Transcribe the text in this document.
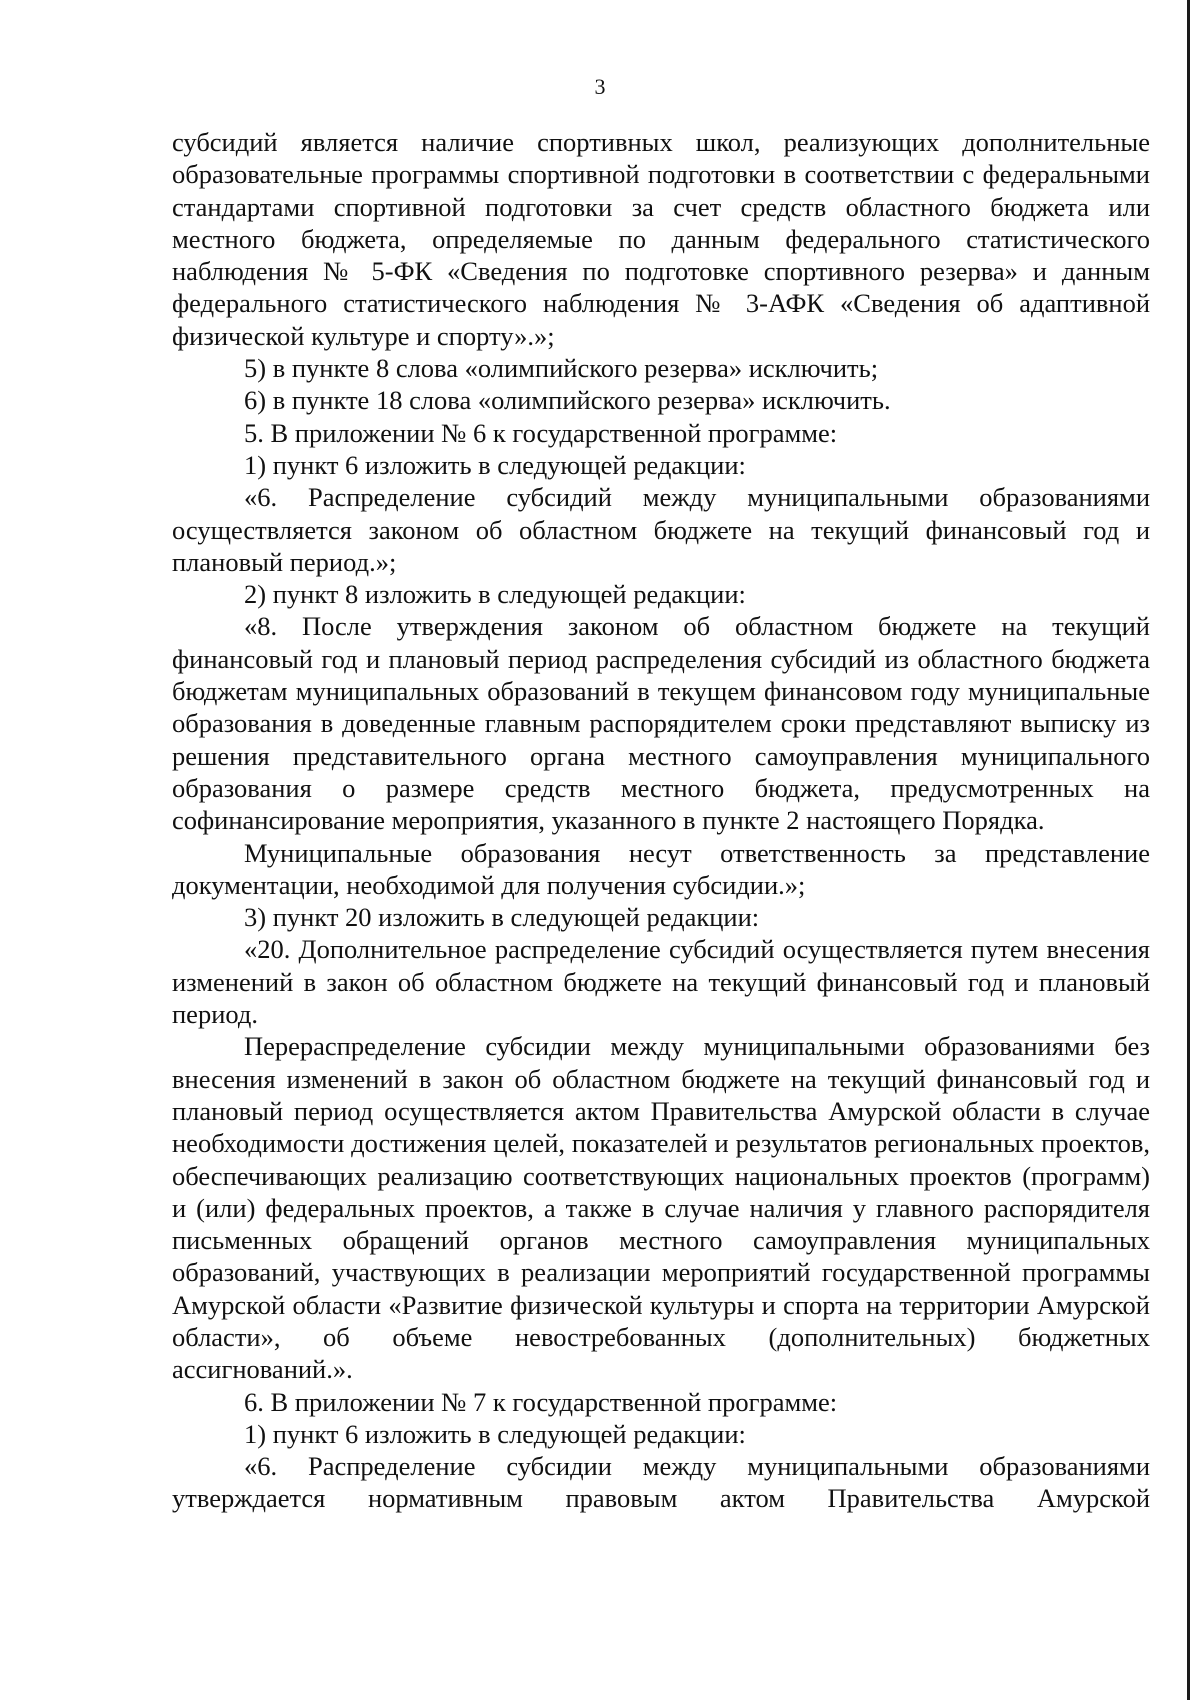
3

субсидий является наличие спортивных школ, реализующих дополнительные образовательные программы спортивной подготовки в соответствии с федеральными стандартами спортивной подготовки за счет средств областного бюджета или местного бюджета, определяемые по данным федерального статистического наблюдения № 5-ФК «Сведения по подготовке спортивного резерва» и данным федерального статистического наблюдения № 3-АФК «Сведения об адаптивной физической культуре и спорту».»;

5) в пункте 8 слова «олимпийского резерва» исключить;

6) в пункте 18 слова «олимпийского резерва» исключить.

5. В приложении № 6 к государственной программе:

1) пункт 6 изложить в следующей редакции:

«6. Распределение субсидий между муниципальными образованиями осуществляется законом об областном бюджете на текущий финансовый год и плановый период.»;

2) пункт 8 изложить в следующей редакции:

«8. После утверждения законом об областном бюджете на текущий финансовый год и плановый период распределения субсидий из областного бюджета бюджетам муниципальных образований в текущем финансовом году муниципальные образования в доведенные главным распорядителем сроки представляют выписку из решения представительного органа местного самоуправления муниципального образования о размере средств местного бюджета, предусмотренных на софинансирование мероприятия, указанного в пункте 2 настоящего Порядка.

Муниципальные образования несут ответственность за представление документации, необходимой для получения субсидии.»;

3) пункт 20 изложить в следующей редакции:

«20. Дополнительное распределение субсидий осуществляется путем внесения изменений в закон об областном бюджете на текущий финансовый год и плановый период.

Перераспределение субсидии между муниципальными образованиями без внесения изменений в закон об областном бюджете на текущий финансовый год и плановый период осуществляется актом Правительства Амурской области в случае необходимости достижения целей, показателей и результатов региональных проектов, обеспечивающих реализацию соответствующих национальных проектов (программ) и (или) федеральных проектов, а также в случае наличия у главного распорядителя письменных обращений органов местного самоуправления муниципальных образований, участвующих в реализации мероприятий государственной программы Амурской области «Развитие физической культуры и спорта на территории Амурской области», об объеме невостребованных (дополнительных) бюджетных ассигнований.».

6. В приложении № 7 к государственной программе:

1) пункт 6 изложить в следующей редакции:

«6. Распределение субсидии между муниципальными образованиями утверждается нормативным правовым актом Правительства Амурской
